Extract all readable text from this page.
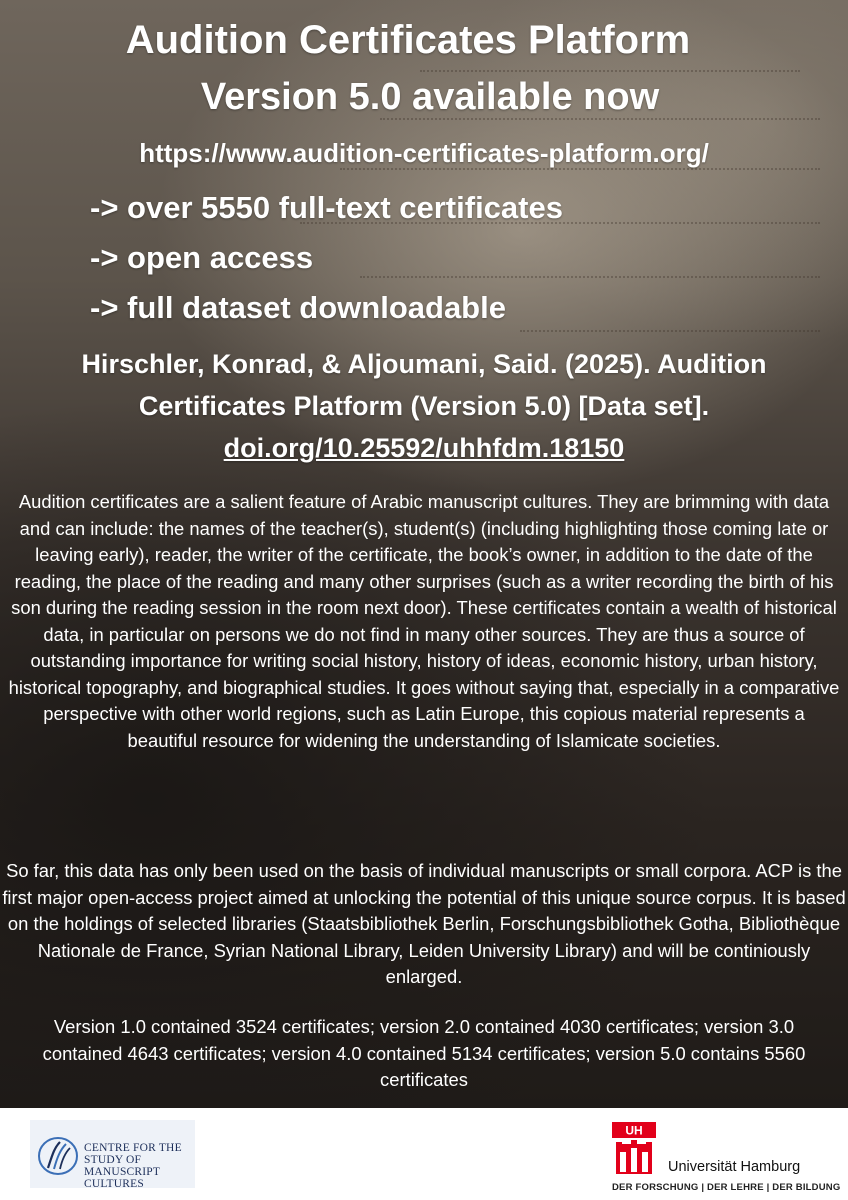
Audition Certificates Platform
Version 5.0 available now
https://www.audition-certificates-platform.org/
-> over 5550 full-text certificates
-> open access
-> full dataset downloadable
Hirschler, Konrad, & Aljoumani, Said. (2025). Audition
Certificates Platform (Version 5.0) [Data set].
doi.org/10.25592/uhhfdm.18150
Audition certificates are a salient feature of Arabic manuscript cultures. They are brimming with data and can include: the names of the teacher(s), student(s) (including highlighting those coming late or leaving early), reader, the writer of the certificate, the book’s owner, in addition to the date of the reading, the place of the reading and many other surprises (such as a writer recording the birth of his son during the reading session in the room next door). These certificates contain a wealth of historical data, in particular on persons we do not find in many other sources. They are thus a source of outstanding importance for writing social history, history of ideas, economic history, urban history, historical topography, and biographical studies. It goes without saying that, especially in a comparative perspective with other world regions, such as Latin Europe, this copious material represents a beautiful resource for widening the understanding of Islamicate societies.
So far, this data has only been used on the basis of individual manuscripts or small corpora. ACP is the first major open-access project aimed at unlocking the potential of this unique source corpus. It is based on the holdings of selected libraries (Staatsbibliothek Berlin, Forschungsbibliothek Gotha, Bibliothèque Nationale de France, Syrian National Library, Leiden University Library) and will be continiously enlarged.
Version 1.0 contained 3524 certificates; version 2.0 contained 4030 certificates; version 3.0 contained 4643 certificates; version 4.0 contained 5134 certificates; version 5.0 contains 5560 certificates
CENTRE FOR THE
STUDY OF
MANUSCRIPT
CULTURES
UH
Universität Hamburg
DER FORSCHUNG | DER LEHRE | DER BILDUNG
